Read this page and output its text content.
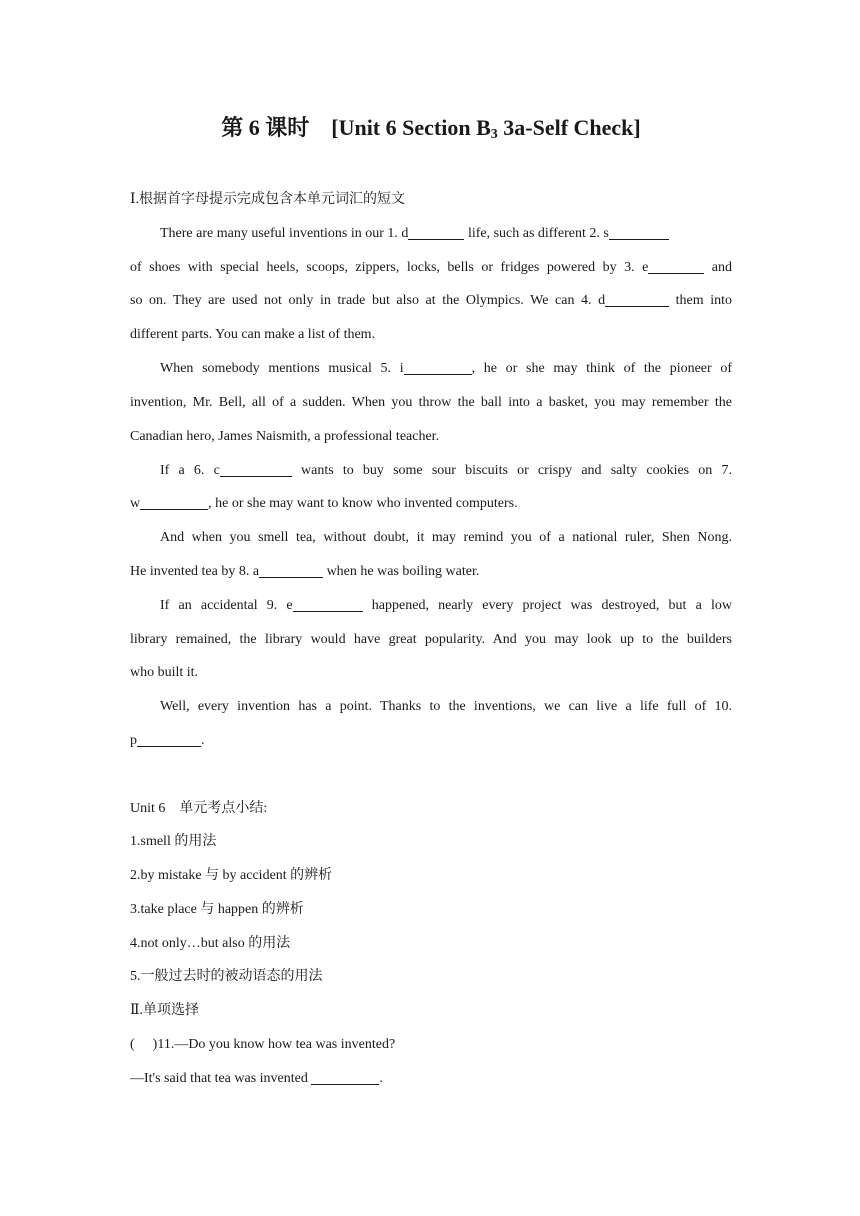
第 6 课时　[Unit 6 Section $B_3$ 3a-Self Check]
Ⅰ.根据首字母提示完成包含本单元词汇的短文
There are many useful inventions in our 1. d	life, such as different 2. s
of shoes with special heels, scoops, zippers, locks, bells or fridges powered by 3. e	and
so on. They are used not only in trade but also at the Olympics. We can 4. d	them into
different parts. You can make a list of them.
When somebody mentions musical 5. i	, he or she may think of the pioneer of
invention, Mr. Bell, all of a sudden. When you throw the ball into a basket, you may remember the
Canadian hero, James Naismith, a professional teacher.
If a 6. c	wants to buy some sour biscuits or crispy and salty cookies on 7.
w	, he or she may want to know who invented computers.
And when you smell tea, without doubt, it may remind you of a national ruler, Shen Nong.
He invented tea by 8. a	when he was boiling water.
If an accidental 9. e	happened, nearly every project was destroyed, but a low
library remained, the library would have great popularity. And you may look up to the builders
who built it.
Well, every invention has a point. Thanks to the inventions, we can live a life full of 10.
p	.
Unit 6　单元考点小结:
1.smell 的用法
2.by mistake 与 by accident 的辨析
3.take place 与 happen 的辨析
4.not only…but also 的用法
5.一般过去时的被动语态的用法
Ⅱ.单项选择
( )11.—Do you know how tea was invented?
—It's said that tea was invented	.
